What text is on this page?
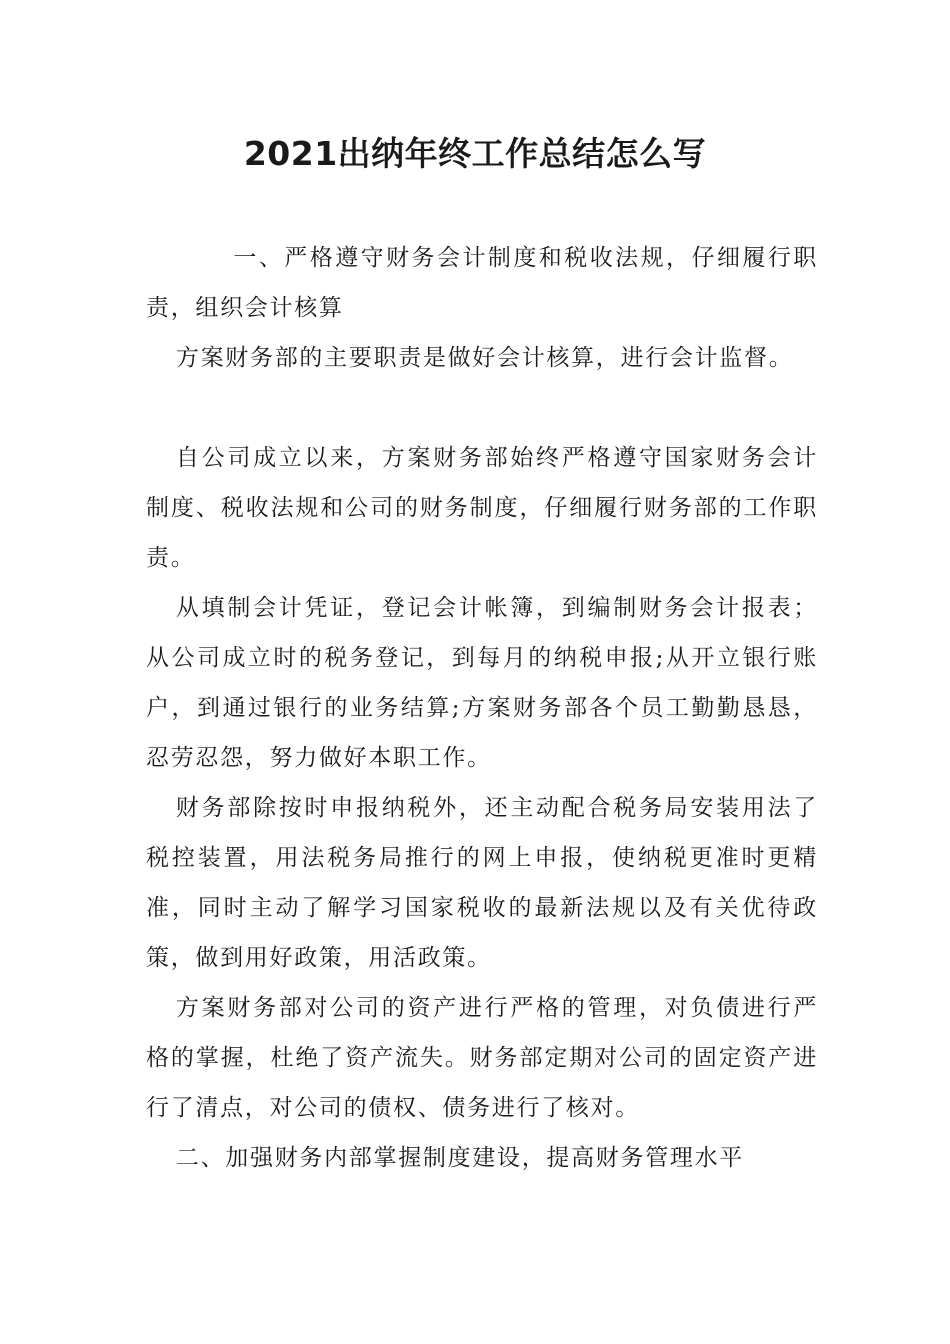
2021出纳年终工作总结怎么写

一、严格遵守财务会计制度和税收法规，仔细履行职责，组织会计核算

方案财务部的主要职责是做好会计核算，进行会计监督。

自公司成立以来，方案财务部始终严格遵守国家财务会计制度、税收法规和公司的财务制度，仔细履行财务部的工作职责。

从填制会计凭证，登记会计帐簿，到编制财务会计报表；从公司成立时的税务登记，到每月的纳税申报;从开立银行账户，到通过银行的业务结算;方案财务部各个员工勤勤恳恳，忍劳忍怨，努力做好本职工作。

财务部除按时申报纳税外，还主动配合税务局安装用法了税控装置，用法税务局推行的网上申报，使纳税更准时更精准，同时主动了解学习国家税收的最新法规以及有关优待政策，做到用好政策，用活政策。

方案财务部对公司的资产进行严格的管理，对负债进行严格的掌握，杜绝了资产流失。财务部定期对公司的固定资产进行了清点，对公司的债权、债务进行了核对。

二、加强财务内部掌握制度建设，提高财务管理水平
